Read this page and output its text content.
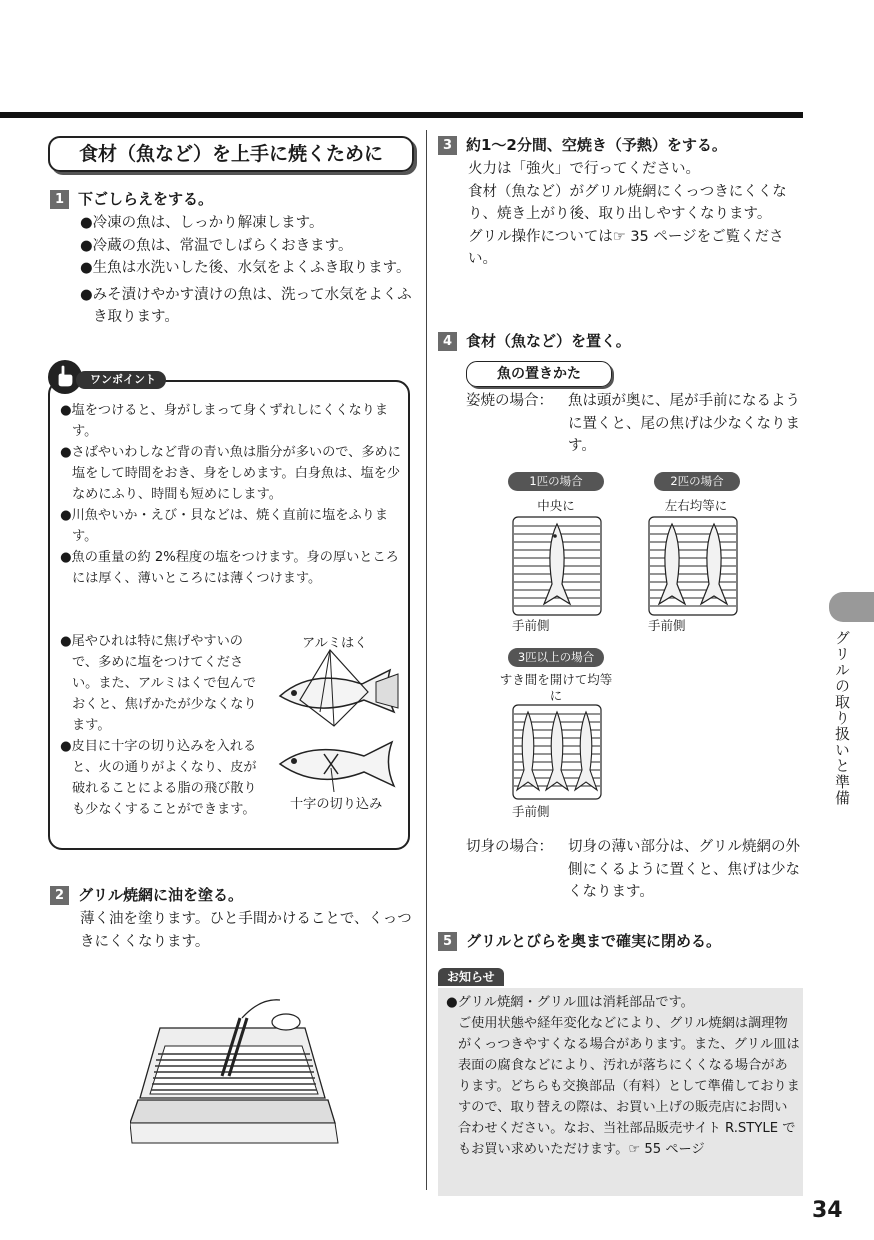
食材（魚など）を上手に焼くために
1 下ごしらえをする。

●冷凍の魚は、しっかり解凍します。

●冷蔵の魚は、常温でしばらくおきます。

●生魚は水洗いした後、水気をよくふき取ります。

●みそ漬けやかす漬けの魚は、洗って水気をよくふき取ります。

ワンポイント

●塩をつけると、身がしまって身くずれしにくくなります。

●さばやいわしなど背の青い魚は脂分が多いので、多めに塩をして時間をおき、身をしめます。白身魚は、塩を少なめにふり、時間も短めにします。

●川魚やいか・えび・貝などは、焼く直前に塩をふります。

●魚の重量の約 2%程度の塩をつけます。身の厚いところには厚く、薄いところには薄くつけます。

●尾やひれは特に焦げやすいので、多めに塩をつけてください。また、アルミはくで包んでおくと、焦げかたが少なくなります。

●皮目に十字の切り込みを入れると、火の通りがよくなり、皮が破れることによる脂の飛び散りも少なくすることができます。

アルミはく
十字の切り込み
2 グリル焼網に油を塗る。
薄く油を塗ります。ひと手間かけることで、くっつきにくくなります。
3 約1～2分間、空焼き（予熱）をする。
火力は「強火」で行ってください。
食材（魚など）がグリル焼網にくっつきにくくなり、焼き上がり後、取り出しやすくなります。
グリル操作については☞ 35 ページをご覧ください。
4 食材（魚など）を置く。
魚の置きかた
姿焼の場合： 魚は頭が奥に、尾が手前になるように置くと、尾の焦げは少なくなります。
1匹の場合
中央に
手前側
2匹の場合
左右均等に
手前側
3匹以上の場合
すき間を開けて均等に
手前側
切身の場合： 切身の薄い部分は、グリル焼網の外側にくるように置くと、焦げは少なくなります。
5 グリルとびらを奥まで確実に閉める。
お知らせ
●グリル焼網・グリル皿は消耗部品です。
ご使用状態や経年変化などにより、グリル焼網は調理物がくっつきやすくなる場合があります。また、グリル皿は表面の腐食などにより、汚れが落ちにくくなる場合があります。どちらも交換部品（有料）として準備しておりますので、取り替えの際は、お買い上げの販売店にお問い合わせください。なお、当社部品販売サイト R.STYLE でもお買い求めいただけます。☞ 55 ページ
グリルの取り扱いと準備
34
